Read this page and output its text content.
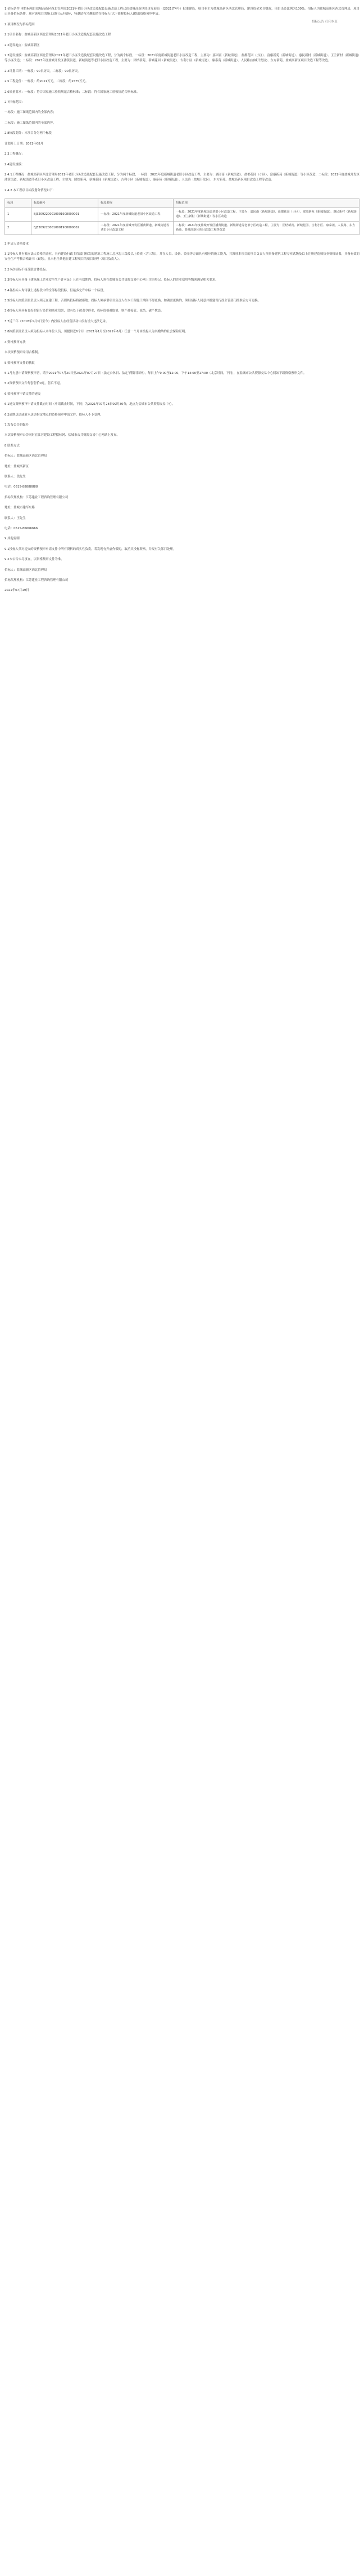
招标公告 打印本页

1.招标条件 本招标项目盐城高新区西北管理局2021年老旧小区改造及配套设施改造工程已由盐城高新区经济发展局（[2021]74号）批准建设，项目业主为盐城高新区西北管理局，建设资金来自财政，项目出资比例为100%。招标人为盐城高新区西北管理局，项目已具备招标条件，现对该项目的施工进行公开招标，特邀请有兴趣的潜在投标人(以下简称投标人)提出资格预审申请。

2.项目概况与招标范围

2.1项目名称：盐城高新区西北管理局2021年老旧小区改造及配套设施改造工程

2.2建设地点：盐城高新区

2.3建设规模：盐城高新区西北管理局2021年老旧小区改造及配套设施改造工程，分为两个标段，一标段：2021年度新城街道老旧小区改造工程，主要为：嘉园南（新城街道）、盐都花园（小区）、富康新苑（新城街道）、惠民新村（新城街道）、玉兰新村（新城街道）等小区改造；二标段：2021年度盐城开发区潘黄街道、新城街道等老旧小区改造工程，主要为：团结新苑、新城花园（新城街道）、吉利小区（新城街道）、康泰苑（新城街道）、人民路(盐城开发区)、东方新苑、盐城高新区项目改造工程等改造。

2.4计划工期：一标段：90日历天，二标段：90日历天。

2.5工程造价：一标段：约2021万元，二标段：约1575万元。

2.6质量要求：一标段：符合国家施工验收规范合格标准；二标段：符合国家施工验收规范合格标准。

2.7招标范围：

一标段：施工图纸范围内的全部内容；

二标段：施工图纸范围内的全部内容。

2.8标段划分：本项目分为两个标段

计划开工日期：2021年08月

2.3工程概况：

2.4建设规模：

2.4.1工程概况：盐城高新区西北管理局2021年老旧小区改造及配套设施改造工程，分为两个标段，一标段：2021年度新城街道老旧小区改造工程，主要为：嘉园南（新城街道）、盐都花园（小区）、富康新苑（新城街道）等小区改造；二标段：2021年度盐城开发区潘黄街道、新城街道等老旧小区改造工程，主要为：团结新苑、新城花园（新城街道）、吉利小区（新城街道）、康泰苑（新城街道）、人民路（盐城开发区）、东方新苑、盐城高新区项目改造工程等改造。

2.4.2 本工程项目标段划分情况如下：

标段	标段编号	标段名称	招标范围
1	BJ32092200010001908000001	一标段：2021年度新城街道老旧小区改造工程	一标段：2021年度新城街道老旧小区改造工程，主要为：嘉园南（新城街道）、盐都花园（小区）、富康新苑（新城街道）、惠民新村（新城街道）、玉兰新村（新城街道）等小区改造
2	BJ32092200010001908000002	二标段：2021年度盐城开发区潘黄街道、新城街道等老旧小区改造工程	二标段：2021年度盐城开发区潘黄街道、新城街道等老旧小区改造工程，主要为：团结新苑、新城花园、吉利小区、康泰苑、人民路、东方新苑、盐城高新区项目改造工程等改造

3.申请人资格要求

3.1投标人具有独立法人资格的企业，具有建设行政主管部门核发的建筑工程施工总承包三级及以上资质（含三级），并在人员、设备、资金等方面具有相应的施工能力，其派驻本项目的项目负责人须具备建筑工程专业贰级及以上注册建造师执业资格证书，具备有效的安全生产考核合格证书（B类），且未担任其他在建工程项目的项目经理（项目负责人）。

3.2本次招标不接受联合体投标。

3.3投标人应具备《建筑施工企业安全生产许可证》且在有效期内，投标人须在盐城市公共资源交易中心网上注册登记，投标人的企业信用等级须满足相关要求。

3.4各投标人均可就上述标段中的全部标段投标，但最多允许中标一个标段。

3.5投标人拟派项目负责人须无在建工程，否则其投标将被拒绝；投标人须承诺项目负责人在本工程施工期间不得更换，如确需更换的，须经招标人同意并报建设行政主管部门批准后方可更换。

3.6投标人须具有良好的银行资信和商业信誉，没有处于被责令停业，投标资格被取消，财产被接管、冻结，破产状态。

3.7近三年（2018年1月1日至今）内投标人在经营活动中没有重大违法记录。

3.8拟派项目负责人须为投标人本单位人员，须提供近6个月（2021年1月至2021年6月）任意一个月由投标人为其缴纳的社会保险证明。

4.资格预审方法

本次资格预审采用合格制。

5.资格预审文件的获取

5.1凡有意申请资格预审者，请于2021年07月20日至2021年07月27日（法定公休日、法定节假日除外），每日上午9:00至12:00，下午14:00至17:00（北京时间，下同），在盐城市公共资源交易中心网站下载资格预审文件。

5.2资格预审文件每套售价0元，售后不退。

6.资格预审申请文件的递交

6.1递交资格预审申请文件截止时间（申请截止时间，下同）为2021年07月28日09时30分，地点为盐城市公共资源交易中心。

6.2逾期送达或者未送达指定地点的资格预审申请文件，招标人不予受理。

7.发布公告的媒介

本次资格预审公告同时在江苏建设工程招标网、盐城市公共资源交易中心网站上发布。

8.联系方式

招标人：盐城高新区西北管理局

地址：盐城高新区

联系人：钱先生

电话：0515-88888888

招标代理机构：江苏建业工程咨询管理有限公司

地址：盐城市建军东路

联系人：王先生

电话：0515-86666666

9.其他说明

9.1投标人须对提交的资格预审申请文件中所有资料的真实性负责，若发现有弄虚作假的，取消其投标资格，并报有关部门处理。

9.2本公告未尽事宜，以资格预审文件为准。

招标人：盐城高新区西北管理局

招标代理机构：江苏建业工程咨询管理有限公司

2021年07月19日
